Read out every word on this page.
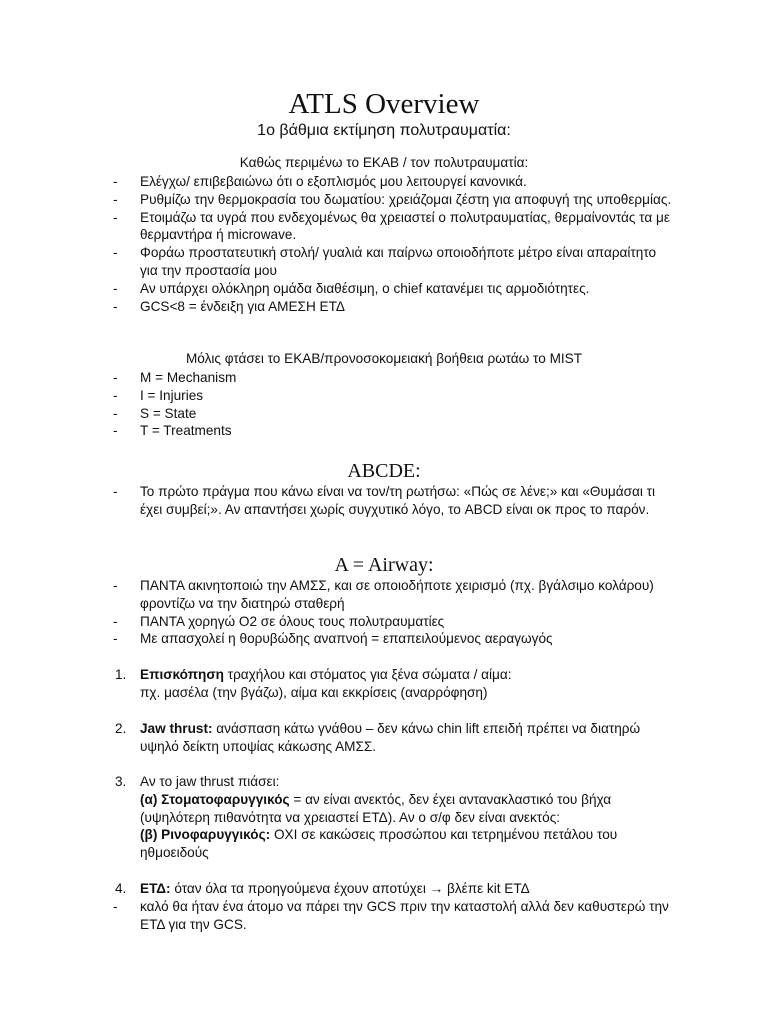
ATLS Overview
1ο βάθμια εκτίμηση πολυτραυματία:
Καθώς περιμένω το ΕΚΑΒ / τον πολυτραυματία:
- Ελέγχω/ επιβεβαιώνω ότι ο εξοπλισμός μου λειτουργεί κανονικά.
- Ρυθμίζω την θερμοκρασία του δωματίου: χρειάζομαι ζέστη για αποφυγή της υποθερμίας.
- Ετοιμάζω τα υγρά που ενδεχομένως θα χρειαστεί ο πολυτραυματίας, θερμαίνοντάς τα με θερμαντήρα ή microwave.
- Φοράω προστατευτική στολή/ γυαλιά και παίρνω οποιοδήποτε μέτρο είναι απαραίτητο για την προστασία μου
- Αν υπάρχει ολόκληρη ομάδα διαθέσιμη, ο chief κατανέμει τις αρμοδιότητες.
- GCS<8 = ένδειξη για ΑΜΕΣΗ ΕΤΔ
Μόλις φτάσει το ΕΚΑΒ/προνοσοκομειακή βοήθεια ρωτάω το MIST
- M = Mechanism
- I = Injuries
- S = State
- T = Treatments
ABCDE:
- Το πρώτο πράγμα που κάνω είναι να τον/τη ρωτήσω: «Πώς σε λένε;» και «Θυμάσαι τι έχει συμβεί;». Αν απαντήσει χωρίς συγχυτικό λόγο, το ABCD είναι οκ προς το παρόν.
A = Airway:
- ΠΑΝΤΑ ακινητοποιώ την ΑΜΣΣ, και σε οποιοδήποτε χειρισμό (πχ. βγάλσιμο κολάρου) φροντίζω να την διατηρώ σταθερή
- ΠΑΝΤΑ χορηγώ Ο2 σε όλους τους πολυτραυματίες
- Με απασχολεί η θορυβώδης αναπνοή = επαπειλούμενος αεραγωγός
1. Επισκόπηση τραχήλου και στόματος για ξένα σώματα / αίμα:
πχ. μασέλα (την βγάζω), αίμα και εκκρίσεις (αναρρόφηση)
2. Jaw thrust: ανάσπαση κάτω γνάθου – δεν κάνω chin lift επειδή πρέπει να διατηρώ υψηλό δείκτη υποψίας κάκωσης ΑΜΣΣ.
3. Αν το jaw thrust πιάσει:
(α) Στοματοφαρυγγικός = αν είναι ανεκτός, δεν έχει αντανακλαστικό του βήχα (υψηλότερη πιθανότητα να χρειαστεί ΕΤΔ). Αν ο σ/φ δεν είναι ανεκτός:
(β) Ρινοφαρυγγικός: ΟΧΙ σε κακώσεις προσώπου και τετρημένου πετάλου του ηθμοειδούς
4. ΕΤΔ: όταν όλα τα προηγούμενα έχουν αποτύχει → βλέπε kit ΕΤΔ
- καλό θα ήταν ένα άτομο να πάρει την GCS πριν την καταστολή αλλά δεν καθυστερώ την ΕΤΔ για την GCS.
